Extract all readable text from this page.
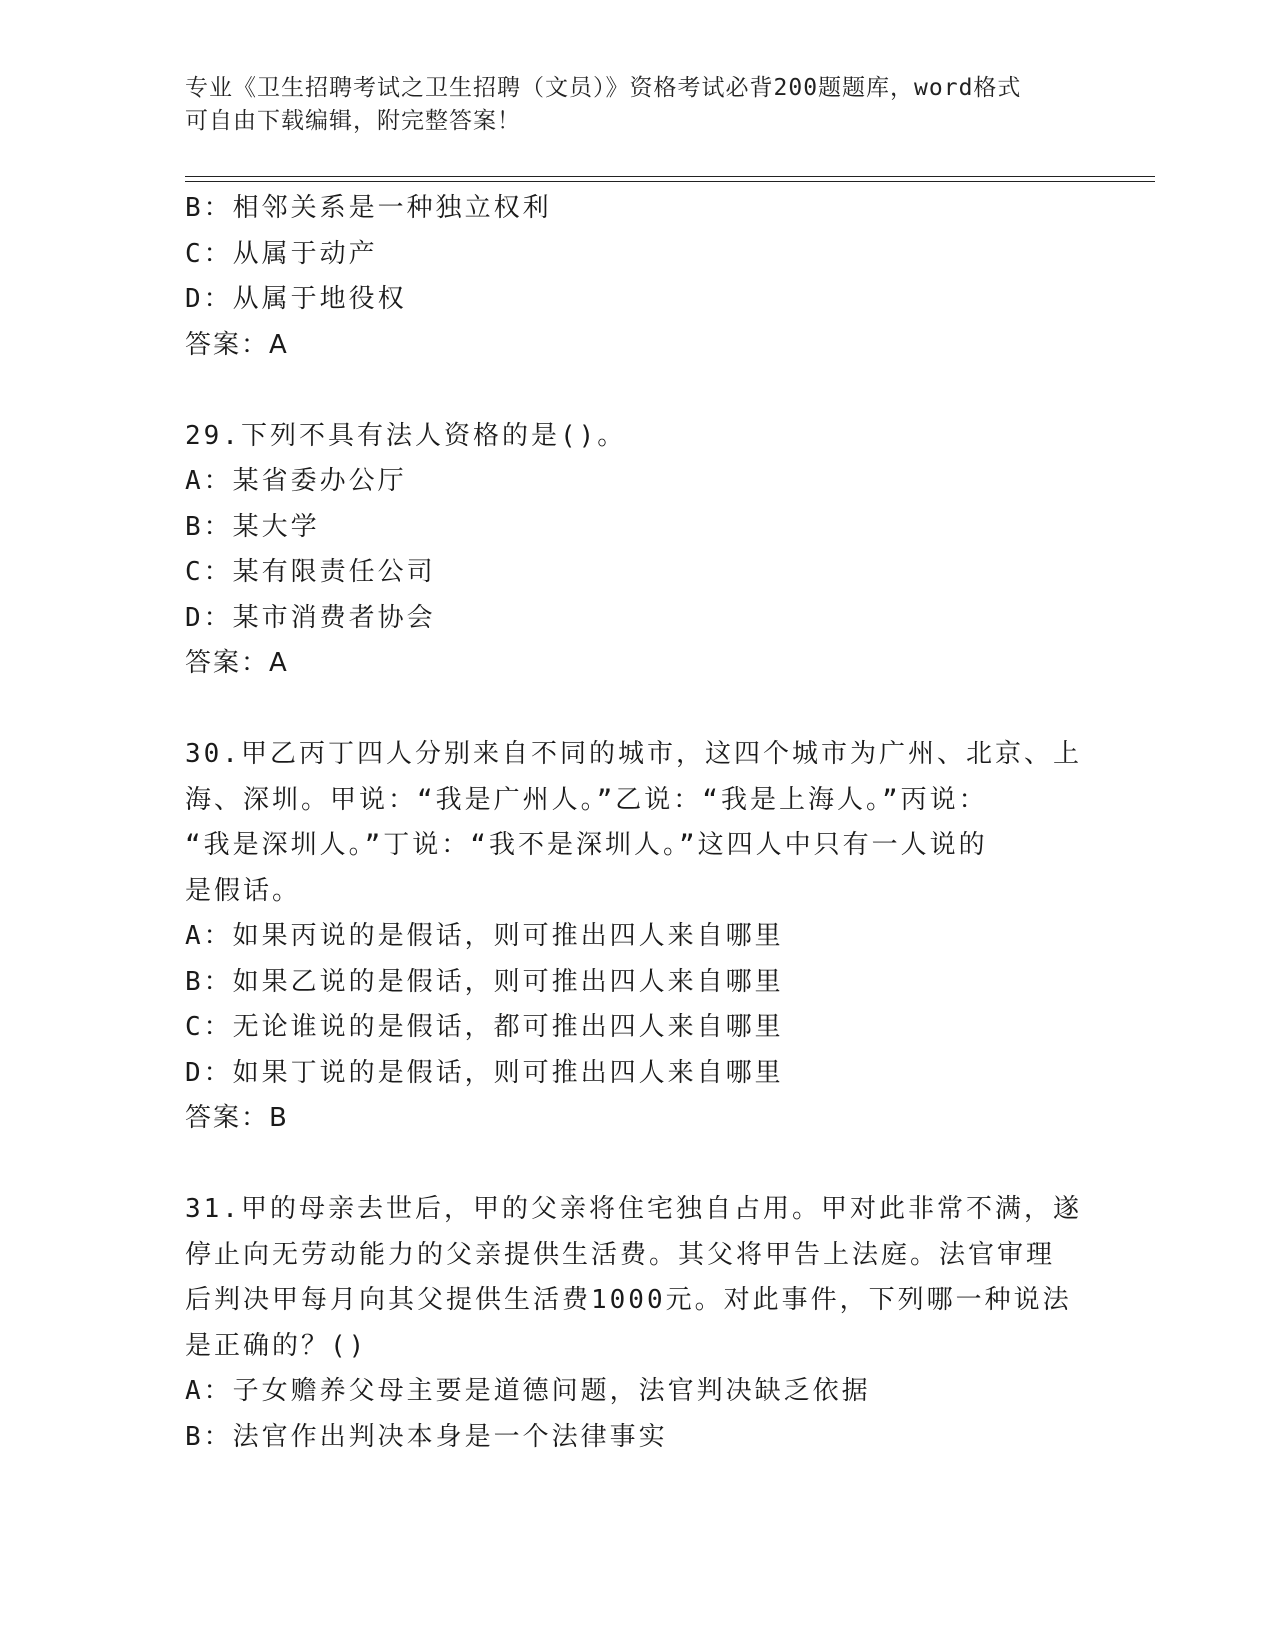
专业《卫生招聘考试之卫生招聘（文员）》资格考试必背200题题库，word格式
可自由下载编辑，附完整答案！
B：相邻关系是一种独立权利
C：从属于动产
D：从属于地役权
答案：A
29.下列不具有法人资格的是()。
A：某省委办公厅
B：某大学
C：某有限责任公司
D：某市消费者协会
答案：A
30.甲乙丙丁四人分别来自不同的城市，这四个城市为广州、北京、上
海、深圳。甲说：“我是广州人。”乙说：“我是上海人。”丙说：
“我是深圳人。”丁说：“我不是深圳人。”这四人中只有一人说的
是假话。
A：如果丙说的是假话，则可推出四人来自哪里
B：如果乙说的是假话，则可推出四人来自哪里
C：无论谁说的是假话，都可推出四人来自哪里
D：如果丁说的是假话，则可推出四人来自哪里
答案：B
31.甲的母亲去世后，甲的父亲将住宅独自占用。甲对此非常不满，遂
停止向无劳动能力的父亲提供生活费。其父将甲告上法庭。法官审理
后判决甲每月向其父提供生活费1000元。对此事件，下列哪一种说法
是正确的？()
A：子女赡养父母主要是道德问题，法官判决缺乏依据
B：法官作出判决本身是一个法律事实
